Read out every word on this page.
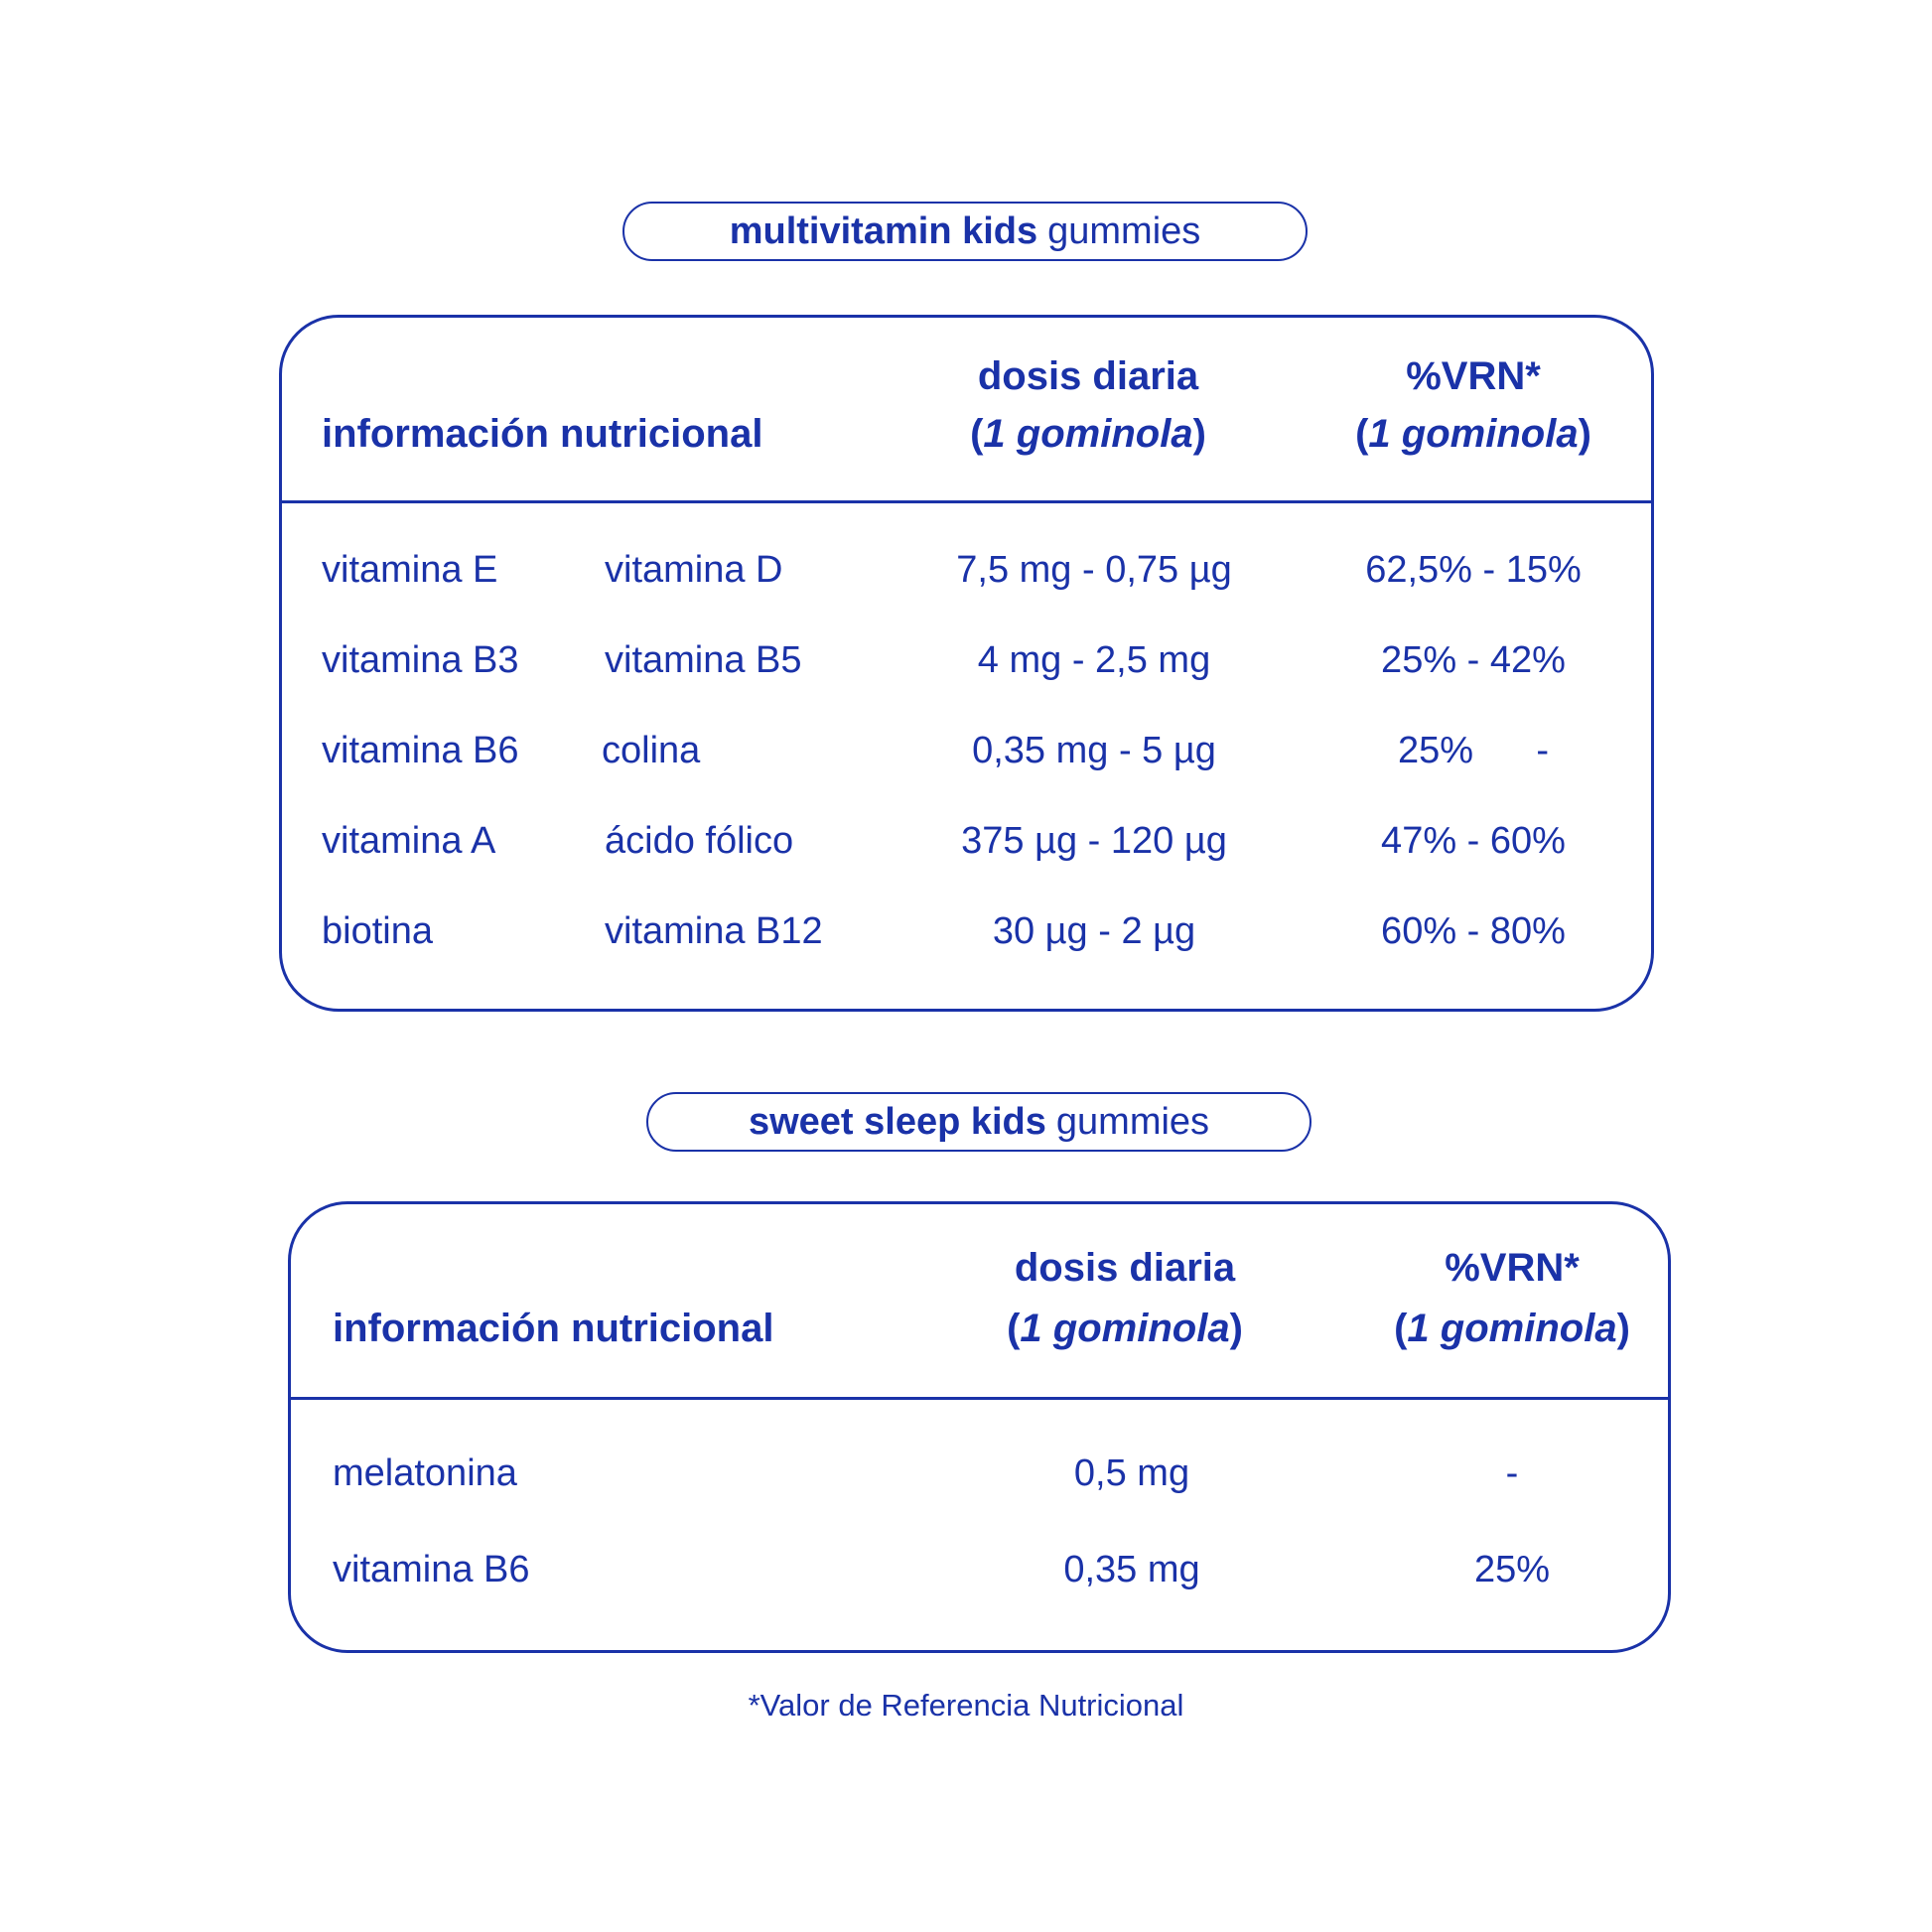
multivitamin kids gummies
información nutricional
dosis diaria
(1 gominola)
%VRN*
(1 gominola)
vitamina E	vitamina D	7,5 mg - 0,75 µg	62,5% - 15%
vitamina B3 vitamina B5	4 mg - 2,5 mg	25% - 42%
vitamina B6 colina	0,35 mg - 5 µg	25%      -
vitamina A	ácido fólico	375 µg - 120 µg	47% - 60%
biotina	vitamina B12	30 µg - 2 µg	60% - 80%
sweet sleep kids gummies
información nutricional
dosis diaria
(1 gominola)
%VRN*
(1 gominola)
melatonina	0,5 mg	-
vitamina B6	0,35 mg	25%
*Valor de Referencia Nutricional
